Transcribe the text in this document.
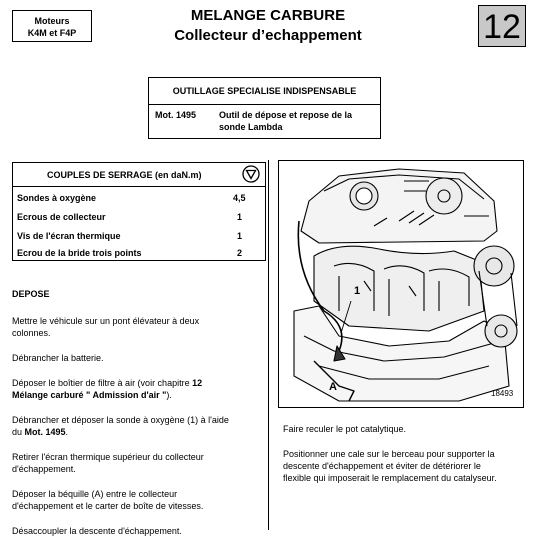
Moteurs
K4M et F4P
MELANGE CARBURE
Collecteur d’echappement	12
OUTILLAGE SPECIALISE INDISPENSABLE
Mot. 1495	Outil de dépose et repose de la
sonde Lambda
COUPLES DE SERRAGE (en daN.m)
Sondes à oxygène	4,5
Ecrous de collecteur	1
Vis de l'écran thermique	1
Ecrou de la bride trois points	2

DEPOSE

Mettre le véhicule sur un pont élévateur à deux
colonnes.

Débrancher la batterie.

Déposer le boîtier de filtre à air (voir chapitre 12
Mélange carburé " Admission d'air ").

Débrancher et déposer la sonde à oxygène (1) à l'aide
du Mot. 1495.

Retirer l'écran thermique supérieur du collecteur
d'échappement.

Déposer la béquille (A) entre le collecteur
d'échappement et le carter de boîte de vitesses.

Désaccoupler la descente d'échappement.

1
A
18493

Faire reculer le pot catalytique.

Positionner une cale sur le berceau pour supporter la
descente d'échappement et éviter de détériorer le
flexible qui imposerait le remplacement du catalyseur.
